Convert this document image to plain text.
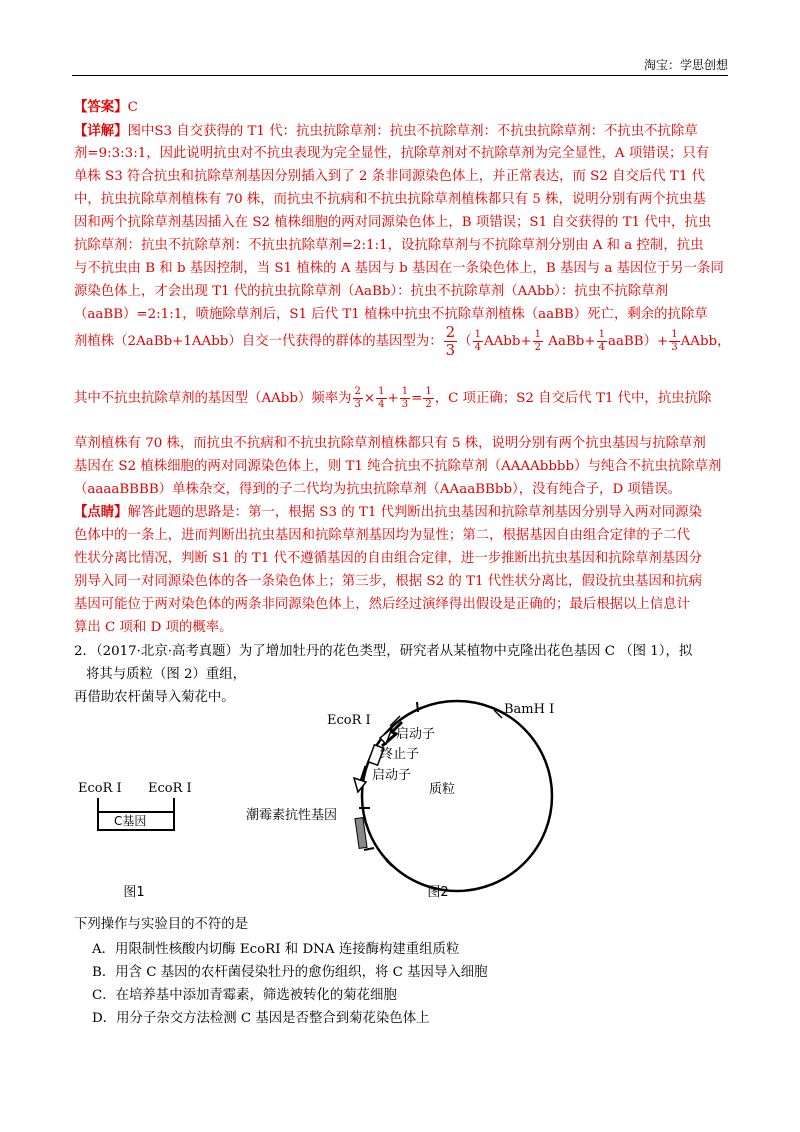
淘宝：学思创想
【答案】C
【详解】图中S3 自交获得的 T1 代：抗虫抗除草剂：抗虫不抗除草剂：不抗虫抗除草剂：不抗虫不抗除草
剂=9:3:3:1，因此说明抗虫对不抗虫表现为完全显性，抗除草剂对不抗除草剂为完全显性，A 项错误；只有
单株 S3 符合抗虫和抗除草剂基因分别插入到了 2 条非同源染色体上，并正常表达，而 S2 自交后代 T1 代
中，抗虫抗除草剂植株有 70 株，而抗虫不抗病和不抗虫抗除草剂植株都只有 5 株，说明分别有两个抗虫基
因和两个抗除草剂基因插入在 S2 植株细胞的两对同源染色体上，B 项错误；S1 自交获得的 T1 代中，抗虫
抗除草剂：抗虫不抗除草剂：不抗虫抗除草剂=2:1:1，设抗除草剂与不抗除草剂分别由 A 和 a 控制，抗虫
与不抗虫由 B 和 b 基因控制，当 S1 植株的 A 基因与 b 基因在一条染色体上，B 基因与 a 基因位于另一条同
源染色体上，才会出现 T1 代的抗虫抗除草剂（AaBb）：抗虫不抗除草剂（AAbb）：抗虫不抗除草剂
（aaBB）=2:1:1，喷施除草剂后，S1 后代 T1 植株中抗虫不抗除草剂植株（aaBB）死亡，剩余的抗除草
剂植株（2AaBb+1AAbb）自交一代获得的群体的基因型为： $\frac{2}{3}$ （ $\frac{1}{4}$ AAbb+ $\frac{1}{2}$ AaBb+ $\frac{1}{4}$ aaBB）+ $\frac{1}{3}$ AAbb，
其中不抗虫抗除草剂的基因型（AAbb）频率为 $\frac{2}{3} \times \frac{1}{4} + \frac{1}{3} = \frac{1}{2}$ ，C 项正确；S2 自交后代 T1 代中，抗虫抗除
草剂植株有 70 株，而抗虫不抗病和不抗虫抗除草剂植株都只有 5 株，说明分别有两个抗虫基因与抗除草剂
基因在 S2 植株细胞的两对同源染色体上，则 T1 纯合抗虫不抗除草剂（AAAAbbbb）与纯合不抗虫抗除草剂
（aaaaBBBB）单株杂交，得到的子二代均为抗虫抗除草剂（AAaaBBbb），没有纯合子，D 项错误。
【点睛】解答此题的思路是：第一，根据 S3 的 T1 代判断出抗虫基因和抗除草剂基因分别导入两对同源染
色体中的一条上，进而判断出抗虫基因和抗除草剂基因均为显性；第二，根据基因自由组合定律的子二代
性状分离比情况，判断 S1 的 T1 代不遵循基因的自由组合定律，进一步推断出抗虫基因和抗除草剂基因分
别导入同一对同源染色体的各一条染色体上；第三步，根据 S2 的 T1 代性状分离比，假设抗虫基因和抗病
基因可能位于两对染色体的两条非同源染色体上，然后经过演绎得出假设是正确的；最后根据以上信息计
算出 C 项和 D 项的概率。
2．（2017·北京·高考真题）为了增加牡丹的花色类型，研究者从某植物中克隆出花色基因 C （图 1），拟
将其与质粒（图 2）重组，
再借助农杆菌导入菊花中。
EcoR Ⅰ EcoR Ⅰ
C基因
图1
EcoR Ⅰ
BamH Ⅰ
启动子
终止子
启动子
质粒
潮霉素抗性基因
图2
下列操作与实验目的不符的是
A．用限制性核酸内切酶 EcoRI 和 DNA 连接酶构建重组质粒
B．用含 C 基因的农杆菌侵染牡丹的愈伤组织，将 C 基因导入细胞
C．在培养基中添加青霉素，筛选被转化的菊花细胞
D．用分子杂交方法检测 C 基因是否整合到菊花染色体上
